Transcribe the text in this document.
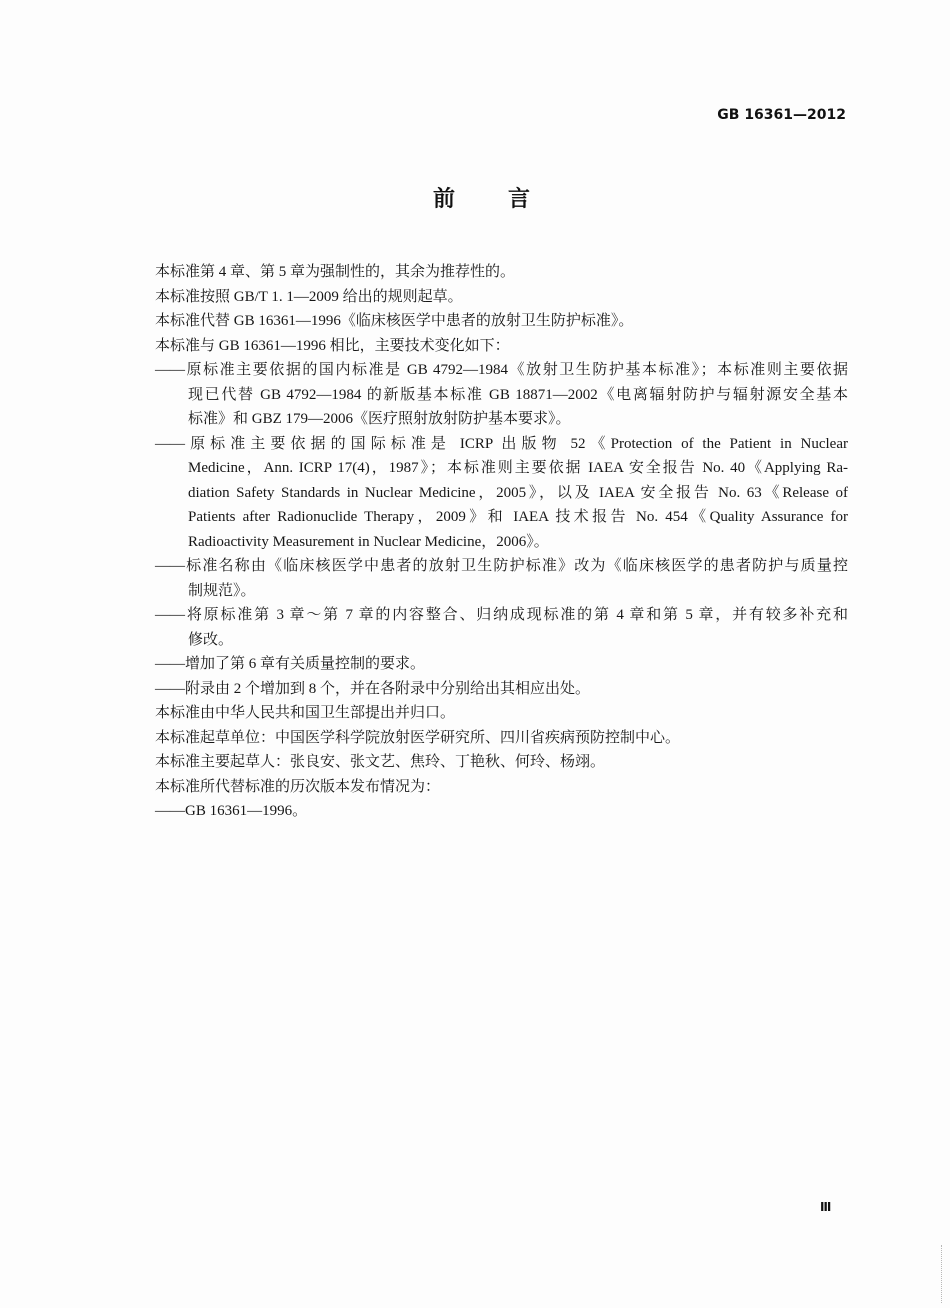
GB 16361—2012
前言
本标准第 4 章、第 5 章为强制性的，其余为推荐性的。
本标准按照 GB/T 1. 1—2009 给出的规则起草。
本标准代替 GB 16361—1996《临床核医学中患者的放射卫生防护标准》。
本标准与 GB 16361—1996 相比，主要技术变化如下：
——原标准主要依据的国内标准是 GB 4792—1984《放射卫生防护基本标准》；本标准则主要依据
现已代替 GB 4792—1984 的新版基本标准 GB 18871—2002《电离辐射防护与辐射源安全基本
标准》和 GBZ 179—2006《医疗照射放射防护基本要求》。
——原标准主要依据的国际标准是 ICRP 出版物 52《Protection of the Patient in Nuclear
Medicine，Ann. ICRP 17(4)，1987》；本标准则主要依据 IAEA 安全报告 No. 40《Applying Ra-
diation Safety Standards in Nuclear Medicine，2005》，以及 IAEA 安全报告 No. 63《Release of
Patients after Radionuclide Therapy，2009》和 IAEA 技术报告 No. 454《Quality Assurance for
Radioactivity Measurement in Nuclear Medicine，2006》。
——标准名称由《临床核医学中患者的放射卫生防护标准》改为《临床核医学的患者防护与质量控
制规范》。
——将原标准第 3 章～第 7 章的内容整合、归纳成现标准的第 4 章和第 5 章，并有较多补充和
修改。
——增加了第 6 章有关质量控制的要求。
——附录由 2 个增加到 8 个，并在各附录中分别给出其相应出处。
本标准由中华人民共和国卫生部提出并归口。
本标准起草单位：中国医学科学院放射医学研究所、四川省疾病预防控制中心。
本标准主要起草人：张良安、张文艺、焦玲、丁艳秋、何玲、杨翊。
本标准所代替标准的历次版本发布情况为：
——GB 16361—1996。
Ⅲ
